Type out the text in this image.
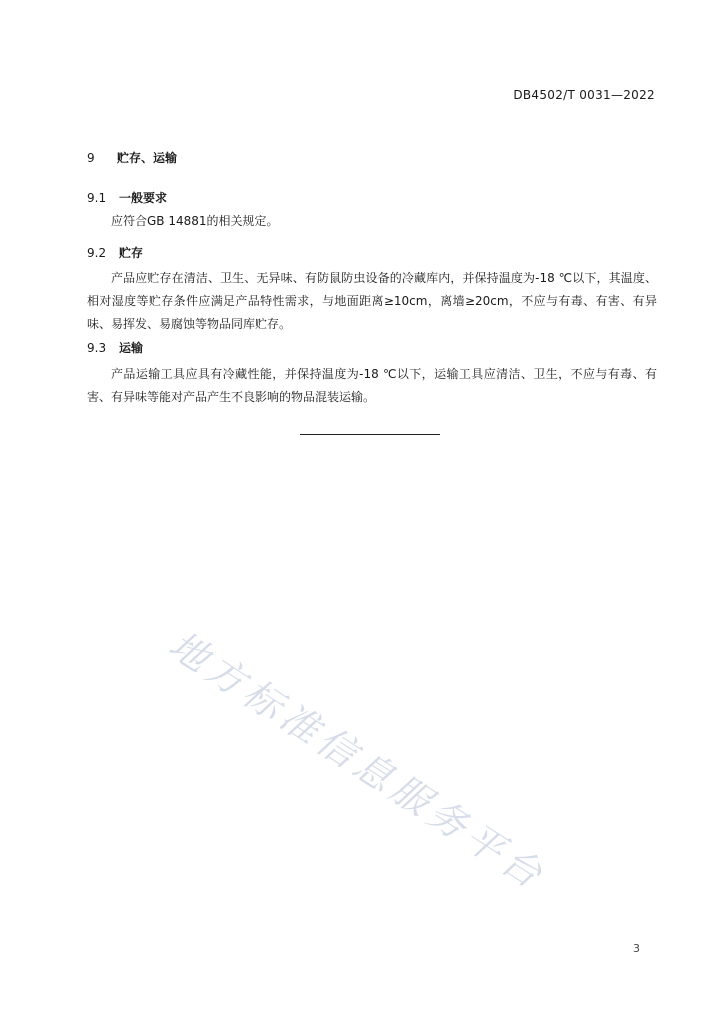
DB4502/T 0031—2022
9 贮存、运输
9.1 一般要求

应符合GB 14881的相关规定。

9.2 贮存

产品应贮存在清洁、卫生、无异味、有防鼠防虫设备的冷藏库内，并保持温度为-18 ℃以下，其温度、相对湿度等贮存条件应满足产品特性需求，与地面距离≥10cm，离墙≥20cm，不应与有毒、有害、有异味、易挥发、易腐蚀等物品同库贮存。

9.3 运输

产品运输工具应具有冷藏性能，并保持温度为-18 ℃以下，运输工具应清洁、卫生，不应与有毒、有害、有异味等能对产品产生不良影响的物品混装运输。

地方标准信息服务平台
3
